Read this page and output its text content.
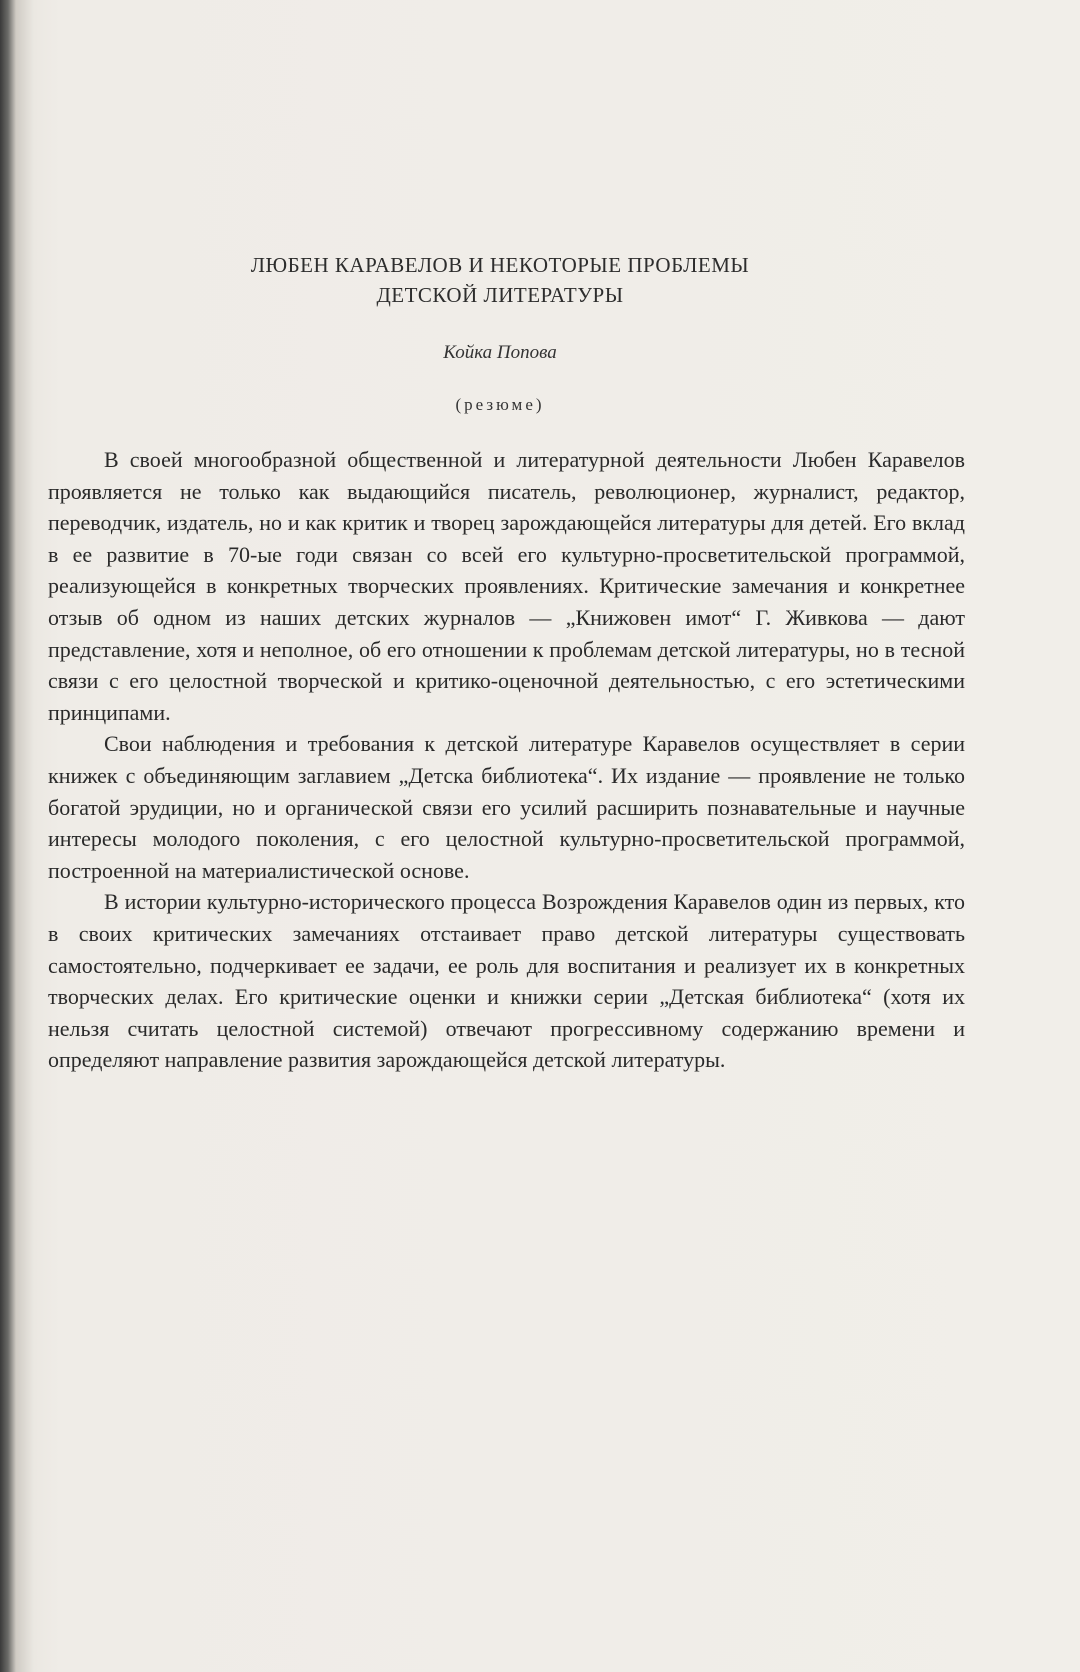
ЛЮБЕН КАРАВЕЛОВ И НЕКОТОРЫЕ ПРОБЛЕМЫ
ДЕТСКОЙ ЛИТЕРАТУРЫ
Койка Попова
(резюме)

В своей многообразной общественной и литературной деятельности Любен Каравелов проявляется не только как выдающийся писатель, революционер, журналист, редактор, переводчик, издатель, но и как критик и творец зарождающейся литературы для детей. Его вклад в ее развитие в 70-ые годи связан со всей его культурно-просветительской программой, реализующейся в конкретных творческих проявлениях. Критические замечания и конкретнее отзыв об одном из наших детских журналов — „Книжовен имот“ Г. Живкова — дают представление, хотя и неполное, об его отношении к проблемам детской литературы, но в тесной связи с его целостной творческой и критико-оценочной деятельностью, с его эстетическими принципами.

Свои наблюдения и требования к детской литературе Каравелов осуществляет в серии книжек с объединяющим заглавием „Детска библиотека“. Их издание — проявление не только богатой эрудиции, но и органической связи его усилий расширить познавательные и научные интересы молодого поколения, с его целостной культурно-просветительской программой, построенной на материалистической основе.

В истории культурно-исторического процесса Возрождения Каравелов один из первых, кто в своих критических замечаниях отстаивает право детской литературы существовать самостоятельно, подчеркивает ее задачи, ее роль для воспитания и реализует их в конкретных творческих делах. Его критические оценки и книжки серии „Детская библиотека“ (хотя их нельзя считать целостной системой) отвечают прогрессивному содержанию времени и определяют направление развития зарождающейся детской литературы.
